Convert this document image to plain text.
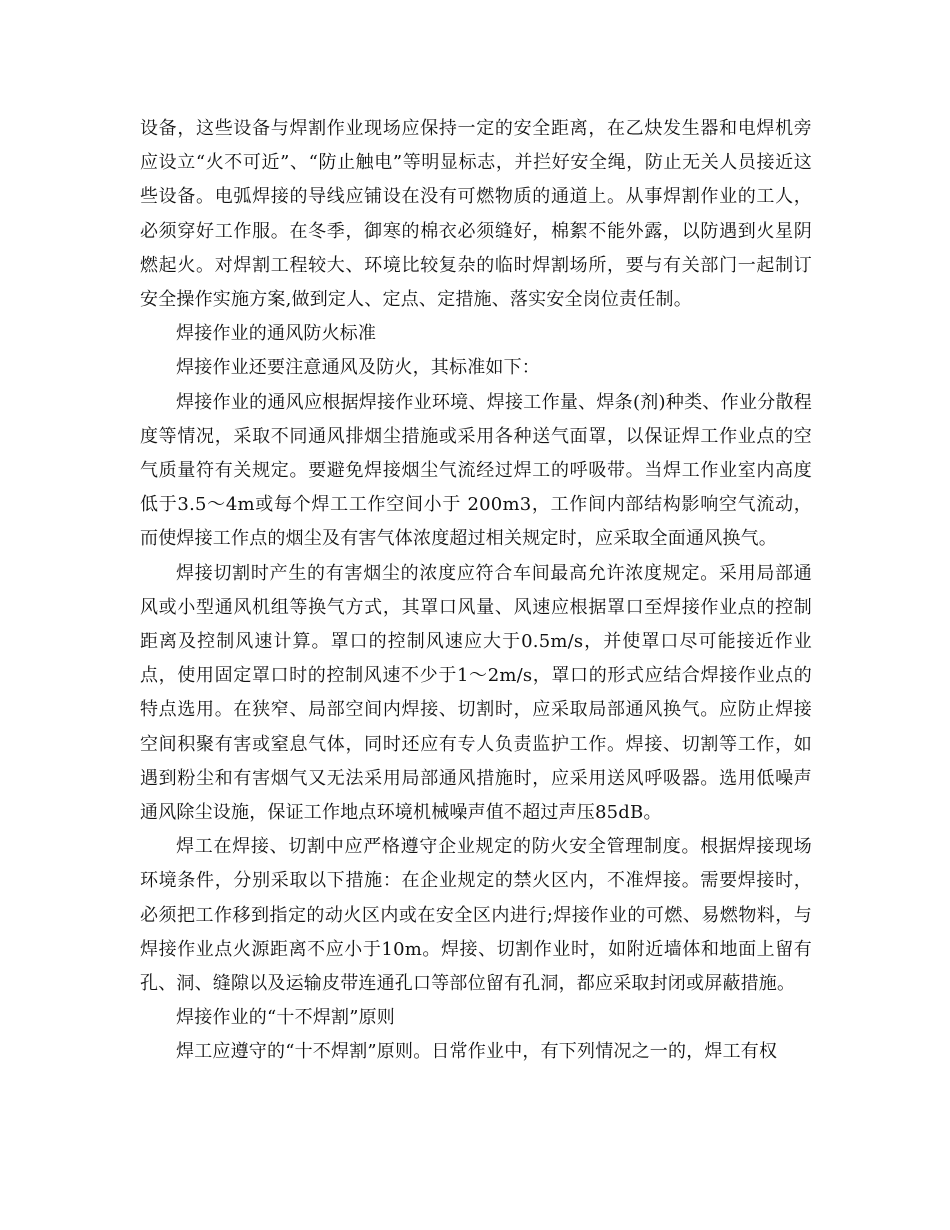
设备，这些设备与焊割作业现场应保持一定的安全距离，在乙炔发生器和电焊机旁应设立“火不可近”、“防止触电”等明显标志，并拦好安全绳，防止无关人员接近这些设备。电弧焊接的导线应铺设在没有可燃物质的通道上。从事焊割作业的工人，必须穿好工作服。在冬季，御寒的棉衣必须缝好，棉絮不能外露，以防遇到火星阴燃起火。对焊割工程较大、环境比较复杂的临时焊割场所，要与有关部门一起制订安全操作实施方案,做到定人、定点、定措施、落实安全岗位责任制。

焊接作业的通风防火标准

焊接作业还要注意通风及防火，其标准如下：

焊接作业的通风应根据焊接作业环境、焊接工作量、焊条(剂)种类、作业分散程度等情况，采取不同通风排烟尘措施或采用各种送气面罩，以保证焊工作业点的空气质量符有关规定。要避免焊接烟尘气流经过焊工的呼吸带。当焊工作业室内高度低于3.5～4m或每个焊工工作空间小于 200m3，工作间内部结构影响空气流动，而使焊接工作点的烟尘及有害气体浓度超过相关规定时，应采取全面通风换气。

焊接切割时产生的有害烟尘的浓度应符合车间最高允许浓度规定。采用局部通风或小型通风机组等换气方式，其罩口风量、风速应根据罩口至焊接作业点的控制距离及控制风速计算。罩口的控制风速应大于0.5m/s，并使罩口尽可能接近作业点，使用固定罩口时的控制风速不少于1～2m/s，罩口的形式应结合焊接作业点的特点选用。在狭窄、局部空间内焊接、切割时，应采取局部通风换气。应防止焊接空间积聚有害或窒息气体，同时还应有专人负责监护工作。焊接、切割等工作，如遇到粉尘和有害烟气又无法采用局部通风措施时，应采用送风呼吸器。选用低噪声通风除尘设施，保证工作地点环境机械噪声值不超过声压85dB。

焊工在焊接、切割中应严格遵守企业规定的防火安全管理制度。根据焊接现场环境条件，分别采取以下措施：在企业规定的禁火区内，不准焊接。需要焊接时，必须把工作移到指定的动火区内或在安全区内进行;焊接作业的可燃、易燃物料，与焊接作业点火源距离不应小于10m。焊接、切割作业时，如附近墙体和地面上留有孔、洞、缝隙以及运输皮带连通孔口等部位留有孔洞，都应采取封闭或屏蔽措施。

焊接作业的“十不焊割”原则

焊工应遵守的“十不焊割”原则。日常作业中，有下列情况之一的，焊工有权
